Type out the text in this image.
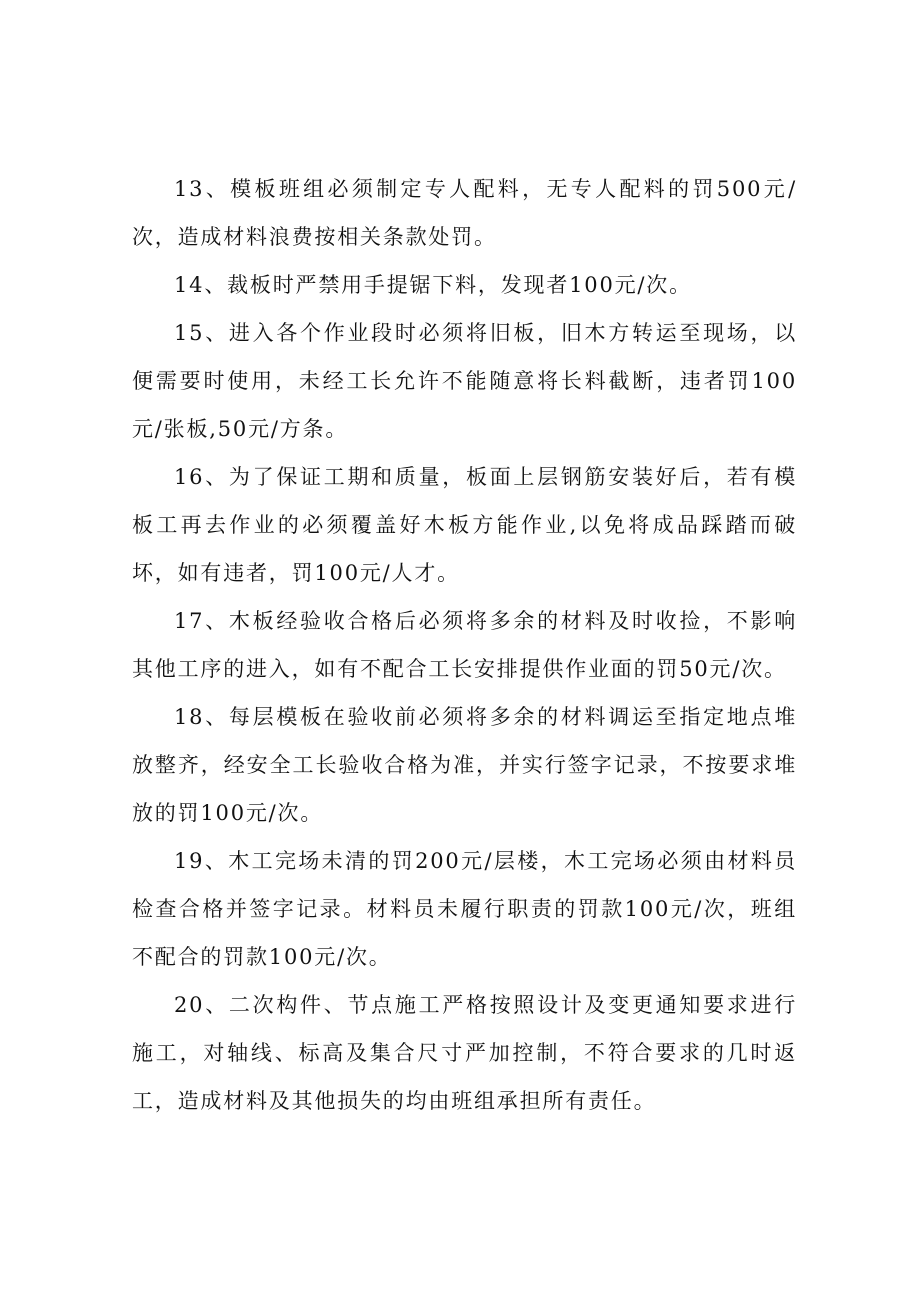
13、模板班组必须制定专人配料，无专人配料的罚500元/次，造成材料浪费按相关条款处罚。

14、裁板时严禁用手提锯下料，发现者100元/次。

15、进入各个作业段时必须将旧板，旧木方转运至现场，以便需要时使用，未经工长允许不能随意将长料截断，违者罚100元/张板,50元/方条。

16、为了保证工期和质量，板面上层钢筋安装好后，若有模板工再去作业的必须覆盖好木板方能作业,以免将成品踩踏而破坏，如有违者，罚100元/人才。

17、木板经验收合格后必须将多余的材料及时收捡，不影响其他工序的进入，如有不配合工长安排提供作业面的罚50元/次。

18、每层模板在验收前必须将多余的材料调运至指定地点堆放整齐，经安全工长验收合格为准，并实行签字记录，不按要求堆放的罚100元/次。

19、木工完场未清的罚200元/层楼，木工完场必须由材料员检查合格并签字记录。材料员未履行职责的罚款100元/次，班组不配合的罚款100元/次。

20、二次构件、节点施工严格按照设计及变更通知要求进行施工，对轴线、标高及集合尺寸严加控制，不符合要求的几时返工，造成材料及其他损失的均由班组承担所有责任。
